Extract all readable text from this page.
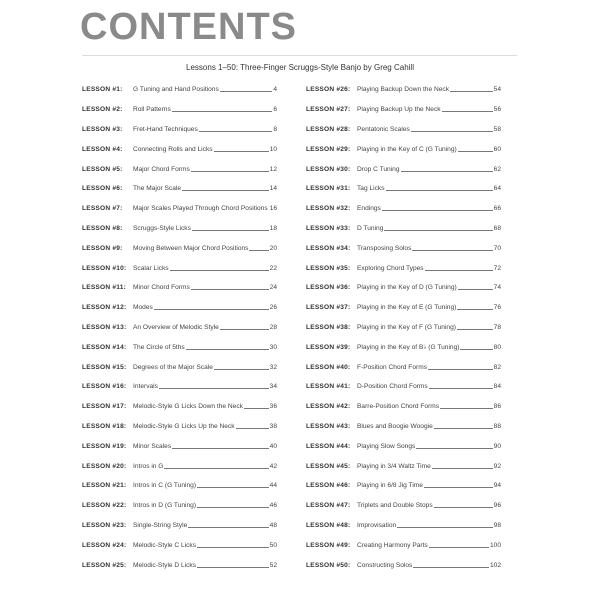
CONTENTS
Lessons 1–50: Three-Finger Scruggs-Style Banjo by Greg Cahill
LESSON #1:	G Tuning and Hand Positions	4
LESSON #2:	Roll Patterns	6
LESSON #3:	Fret-Hand Techniques	8
LESSON #4:	Connecting Rolls and Licks	10
LESSON #5:	Major Chord Forms	12
LESSON #6:	The Major Scale	14
LESSON #7:	Major Scales Played Through Chord Positions 16
LESSON #8:	Scruggs-Style Licks	18
LESSON #9:	Moving Between Major Chord Positions	20
LESSON #10:	Scalar Licks	22
LESSON #11:	Minor Chord Forms	24
LESSON #12:	Modes	26
LESSON #13:	An Overview of Melodic Style	28
LESSON #14:	The Circle of 5ths	30
LESSON #15:	Degrees of the Major Scale	32
LESSON #16:	Intervals	34
LESSON #17:	Melodic-Style G Licks Down the Neck	36
LESSON #18:	Melodic-Style G Licks Up the Neck	38
LESSON #19:	Minor Scales	40
LESSON #20:	Intros in G	42
LESSON #21:	Intros in C (G Tuning)	44
LESSON #22:	Intros in D (G Tuning)	46
LESSON #23:	Single-String Style	48
LESSON #24:	Melodic-Style C Licks	50
LESSON #25:	Melodic-Style D Licks	52
LESSON #26:	Playing Backup Down the Neck	54
LESSON #27:	Playing Backup Up the Neck	56
LESSON #28:	Pentatonic Scales	58
LESSON #29:	Playing in the Key of C (G Tuning)	60
LESSON #30:	Drop C Tuning	62
LESSON #31:	Tag Licks	64
LESSON #32:	Endings	66
LESSON #33:	D Tuning	68
LESSON #34:	Transposing Solos	70
LESSON #35:	Exploring Chord Types	72
LESSON #36:	Playing in the Key of D (G Tuning)	74
LESSON #37:	Playing in the Key of E (G Tuning)	76
LESSON #38:	Playing in the Key of F (G Tuning)	78
LESSON #39:	Playing in the Key of B♭ (G Tuning)	80
LESSON #40:	F-Position Chord Forms	82
LESSON #41:	D-Position Chord Forms	84
LESSON #42:	Barre-Position Chord Forms	86
LESSON #43:	Blues and Boogie Woogie	88
LESSON #44:	Playing Slow Songs	90
LESSON #45:	Playing in 3/4 Waltz Time	92
LESSON #46:	Playing in 6/8 Jig Time	94
LESSON #47:	Triplets and Double Stops	96
LESSON #48:	Improvisation	98
LESSON #49:	Creating Harmony Parts	100
LESSON #50:	Constructing Solos	102
